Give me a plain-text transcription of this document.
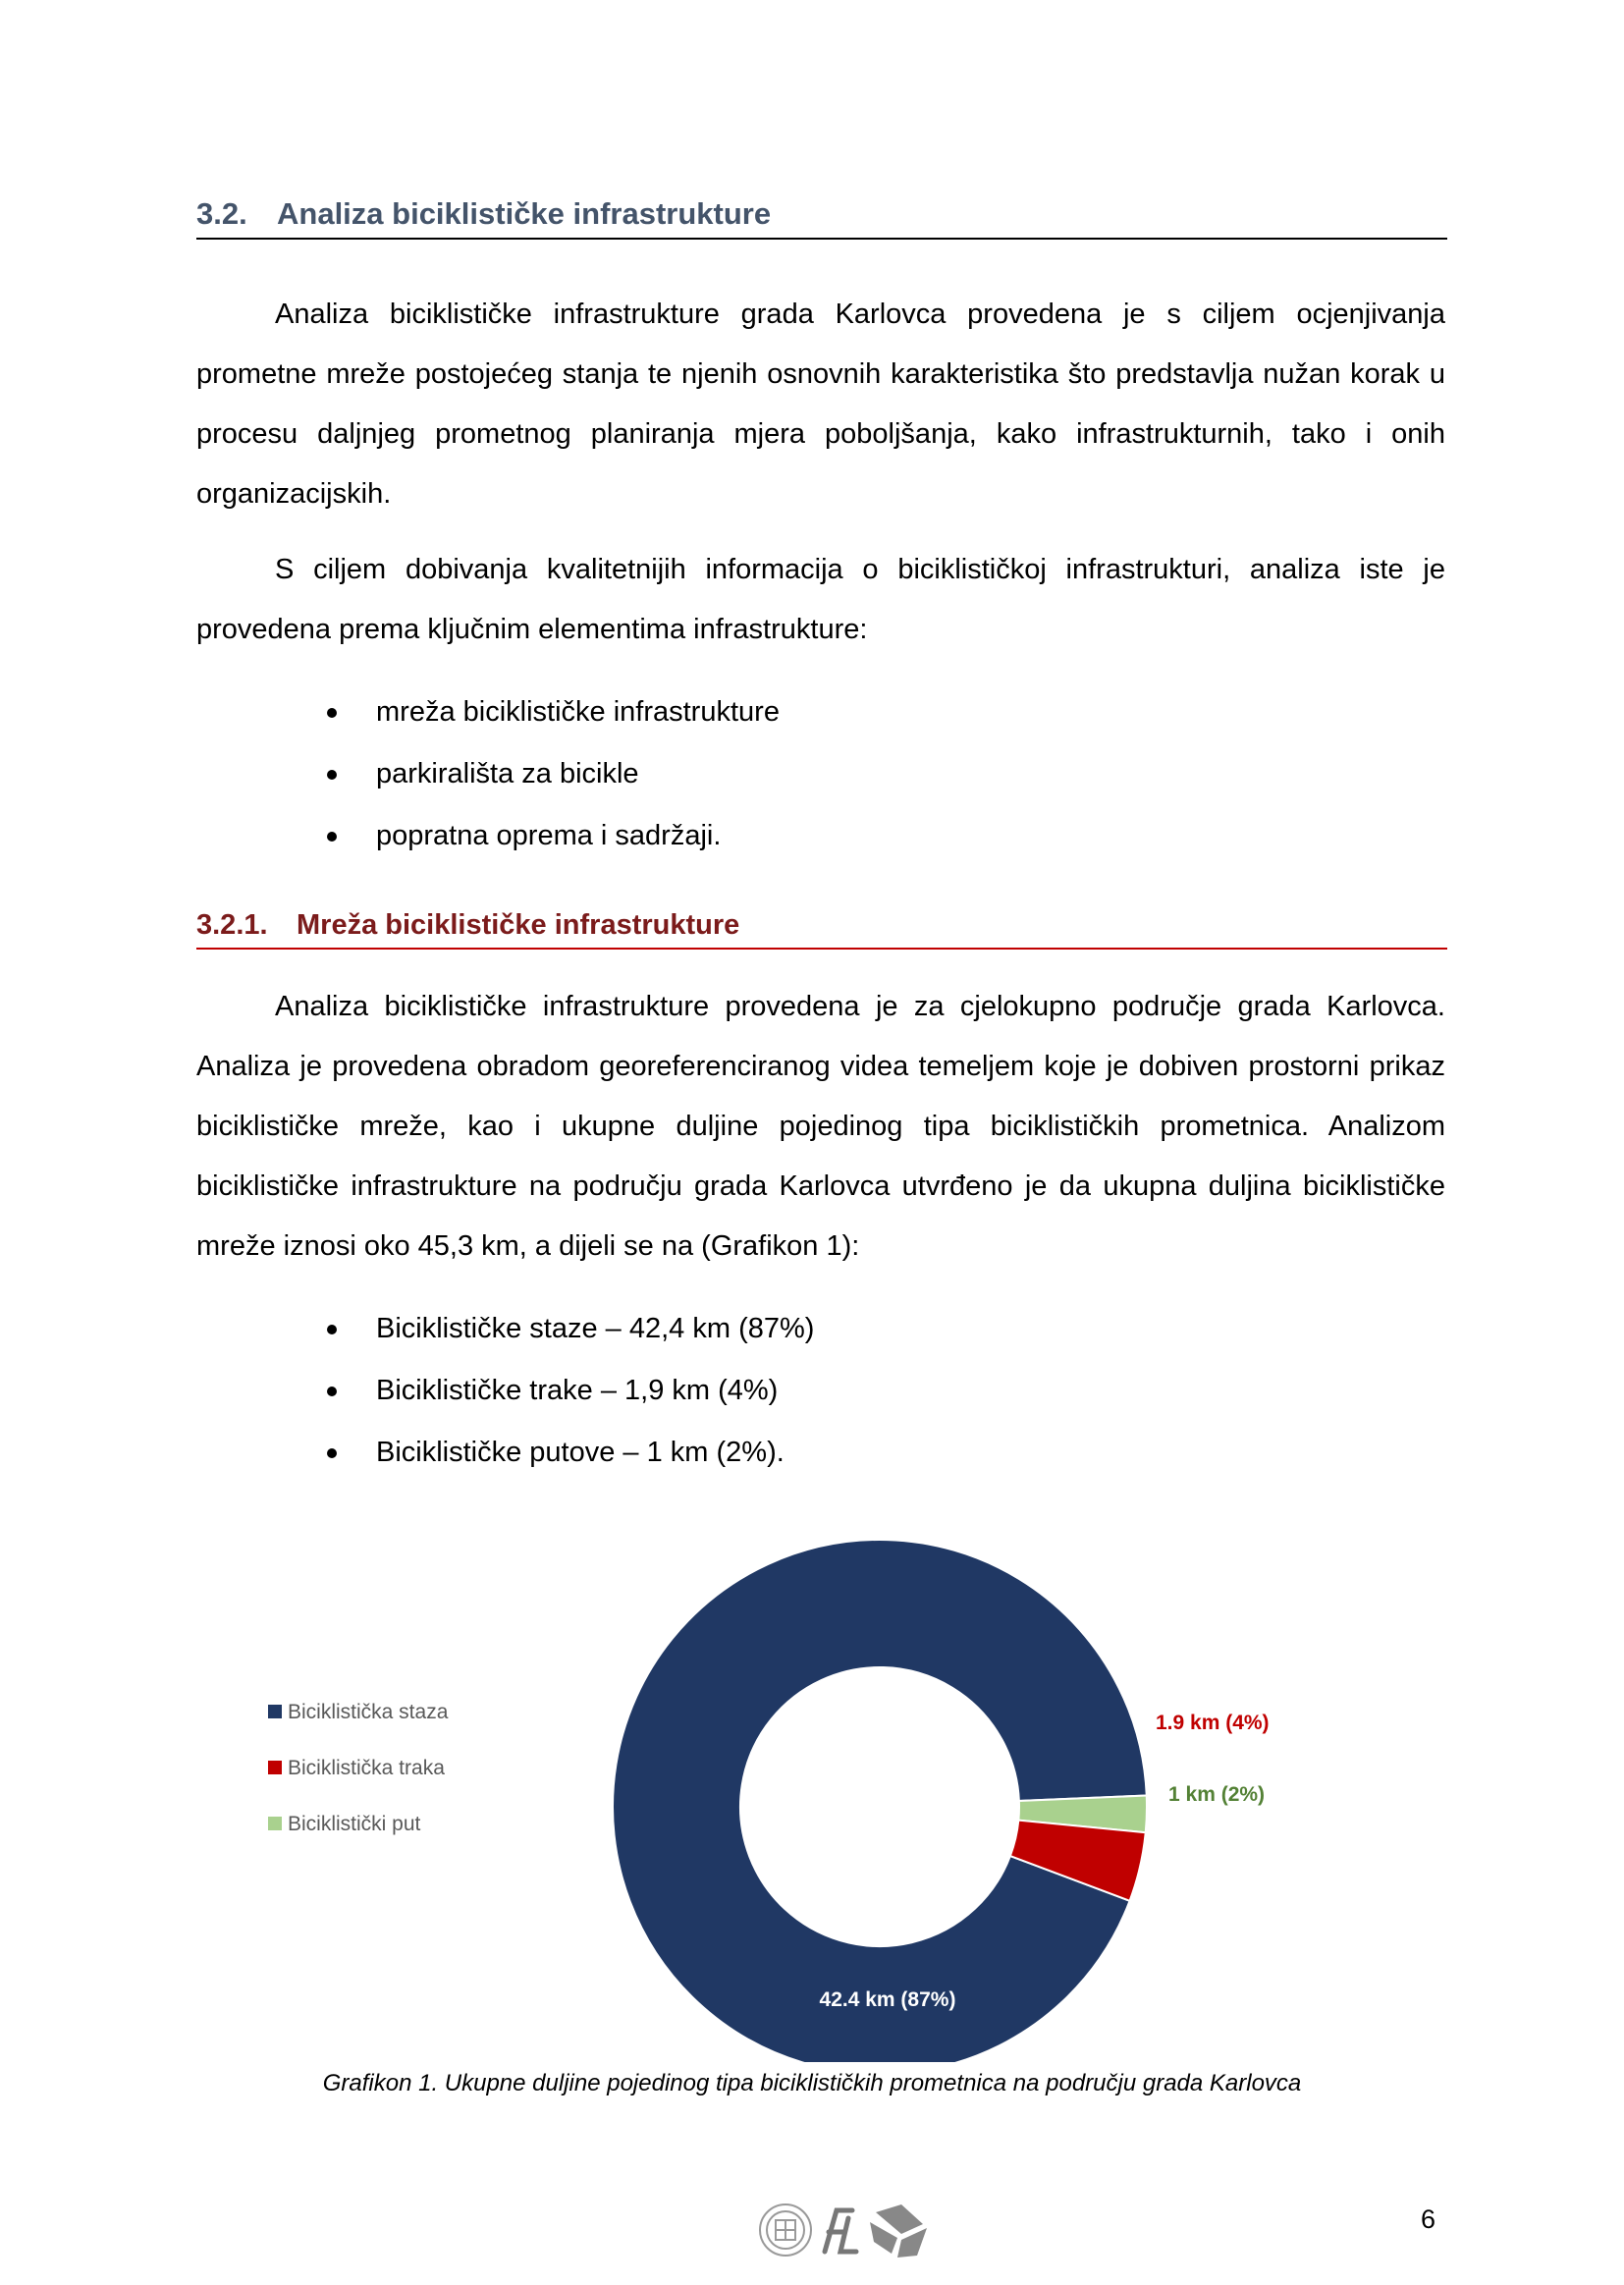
3.2. Analiza biciklističke infrastrukture

Analiza biciklističke infrastrukture grada Karlovca provedena je s ciljem ocjenjivanja prometne mreže postojećeg stanja te njenih osnovnih karakteristika što predstavlja nužan korak u procesu daljnjeg prometnog planiranja mjera poboljšanja, kako infrastrukturnih, tako i onih organizacijskih.

S ciljem dobivanja kvalitetnijih informacija o biciklističkoj infrastrukturi, analiza iste je provedena prema ključnim elementima infrastrukture:

mreža biciklističke infrastrukture
parkirališta za bicikle
popratna oprema i sadržaji.
3.2.1. Mreža biciklističke infrastrukture

Analiza biciklističke infrastrukture provedena je za cjelokupno područje grada Karlovca. Analiza je provedena obradom georeferenciranog videa temeljem koje je dobiven prostorni prikaz biciklističke mreže, kao i ukupne duljine pojedinog tipa biciklističkih prometnica. Analizom biciklističke infrastrukture na području grada Karlovca utvrđeno je da ukupna duljina biciklističke mreže iznosi oko 45,3 km, a dijeli se na (Grafikon 1):

Biciklističke staze – 42,4 km (87%)
Biciklističke trake – 1,9 km (4%)
Biciklističke putove – 1 km (2%).
42.4 km (87%)
1.9 km (4%)
1 km (2%)
Biciklistička staza
Biciklistička traka
Biciklistički put
Grafikon 1. Ukupne duljine pojedinog tipa biciklističkih prometnica na području grada Karlovca
6
